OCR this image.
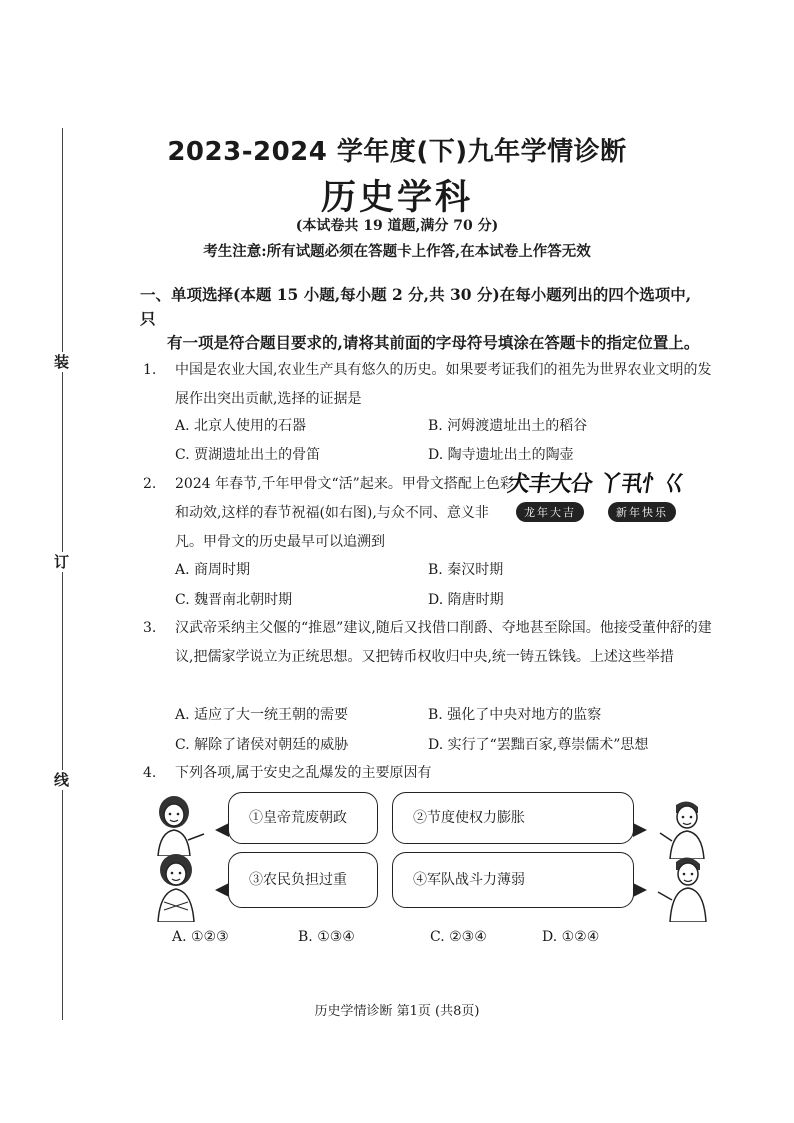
装
订
线
2023-2024 学年度(下)九年学情诊断
历史学科
(本试卷共 19 道题,满分 70 分)
考生注意:所有试题必须在答题卡上作答,在本试卷上作答无效
一、单项选择(本题 15 小题,每小题 2 分,共 30 分)在每小题列出的四个选项中,只
有一项是符合题目要求的,请将其前面的字母符号填涂在答题卡的指定位置上。
1. 中国是农业大国,农业生产具有悠久的历史。如果要考证我们的祖先为世界农业文明的发展作出突出贡献,选择的证据是
A. 北京人使用的石器	B. 河姆渡遗址出土的稻谷
C. 贾湖遗址出土的骨笛	D. 陶寺遗址出土的陶壶
2. 2024 年春节,千年甲骨文“活”起来。甲骨文搭配上色彩和动效,这样的春节祝福(如右图),与众不同、意义非凡。甲骨文的历史最早可以追溯到
犬丰大㕣
龙年大吉
丫丮忄巜
新年快乐
A. 商周时期	B. 秦汉时期
C. 魏晋南北朝时期	D. 隋唐时期
3. 汉武帝采纳主父偃的“推恩”建议,随后又找借口削爵、夺地甚至除国。他接受董仲舒的建议,把儒家学说立为正统思想。又把铸币权收归中央,统一铸五铢钱。上述这些举措
A. 适应了大一统王朝的需要	B. 强化了中央对地方的监察
C. 解除了诸侯对朝廷的威胁	D. 实行了“罢黜百家,尊崇儒术”思想
4. 下列各项,属于安史之乱爆发的主要原因有
①皇帝荒废朝政	②节度使权力膨胀
③农民负担过重	④军队战斗力薄弱
A. ①②③	B. ①③④	C. ②③④	D. ①②④
历史学情诊断 第1页 (共8页)
